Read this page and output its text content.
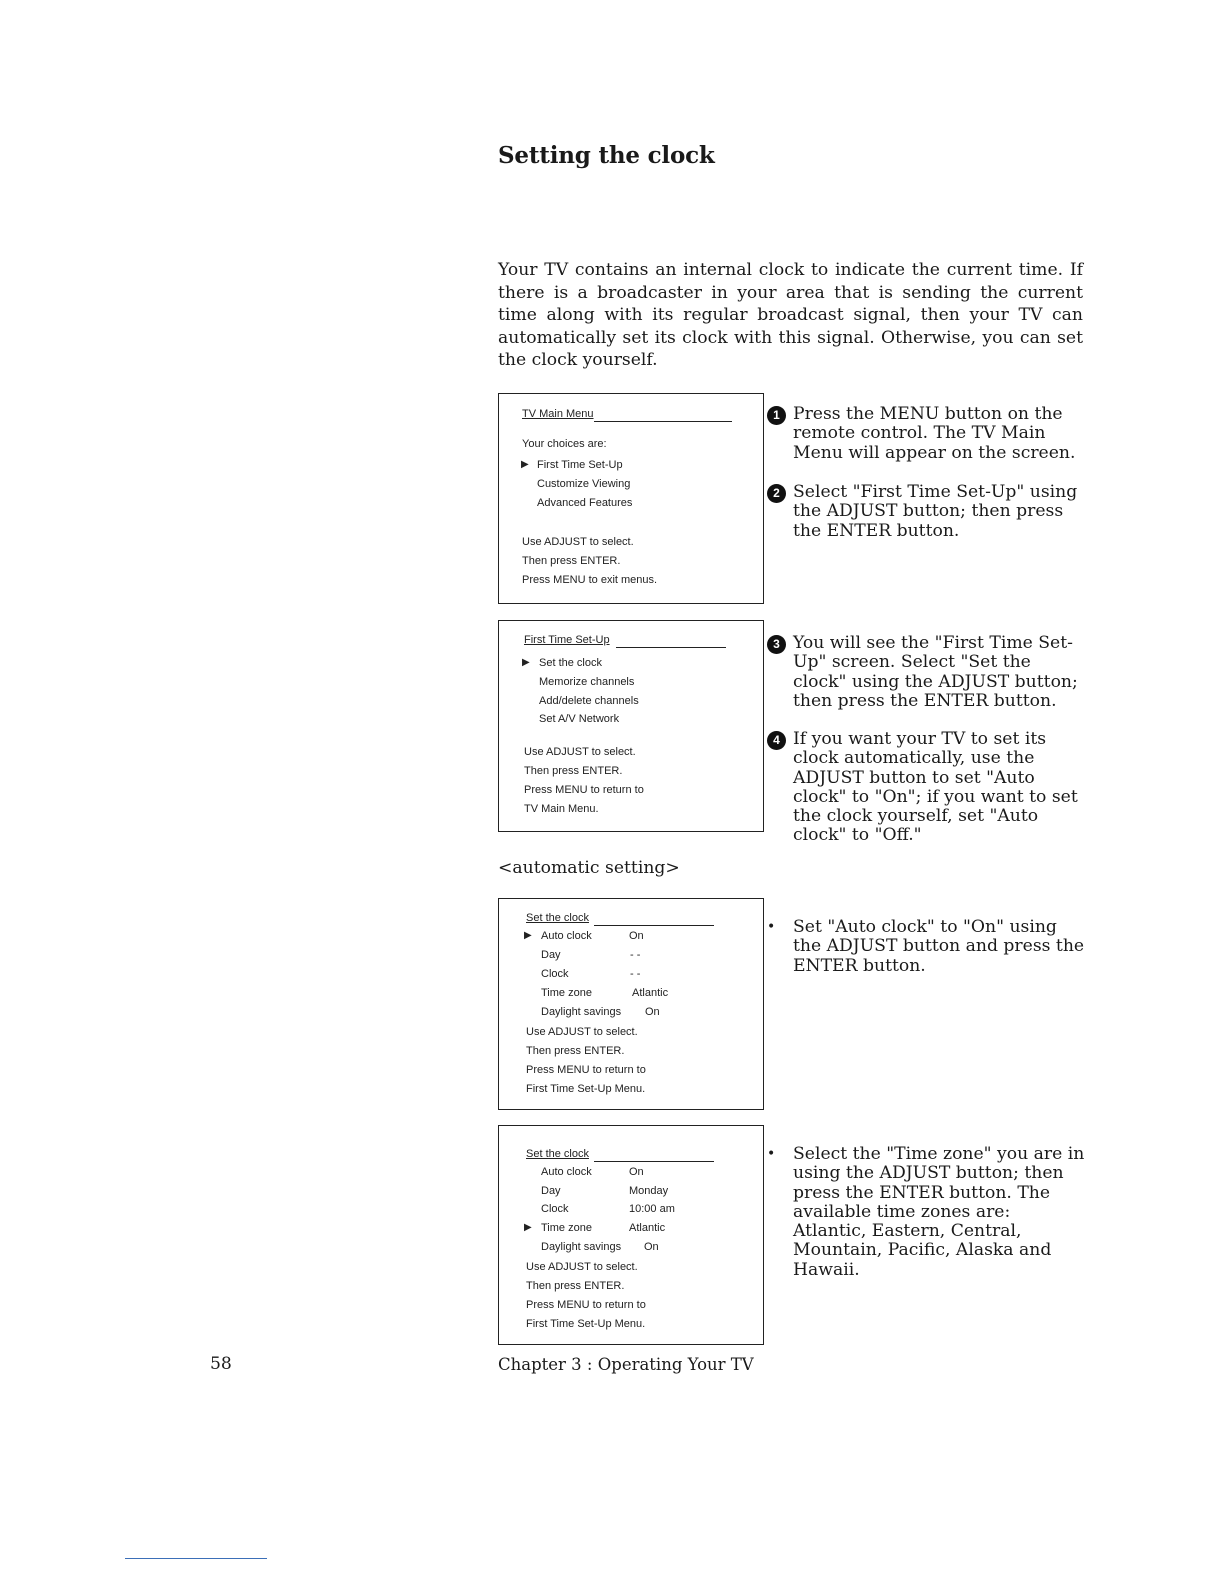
Setting the clock
Your TV contains an internal clock to indicate the current time. If there is a broadcaster in your area that is sending the current time along with its regular broadcast signal, then your TV can automatically set its clock with this signal. Otherwise, you can set the clock yourself.
TV Main Menu
Your choices are:
▶ First Time Set-Up
Customize Viewing
Advanced Features
Use ADJUST to select.
Then press ENTER.
Press MENU to exit menus.
First Time Set-Up
▶ Set the clock
Memorize channels
Add/delete channels
Set A/V Network
Use ADJUST to select.
Then press ENTER.
Press MENU to return to
TV Main Menu.
Set the clock
▶ Auto clock	On
Day	- -
Clock	- -
Time zone	Atlantic
Daylight savings On
Use ADJUST to select.
Then press ENTER.
Press MENU to return to
First Time Set-Up Menu.
Set the clock
Auto clock	On
Day	Monday
Clock	10:00 am
▶ Time zone	Atlantic
Daylight savings On
Use ADJUST to select.
Then press ENTER.
Press MENU to return to
First Time Set-Up Menu.
1 Press the MENU button on the remote control. The TV Main Menu will appear on the screen.
2 Select "First Time Set-Up" using the ADJUST button; then press the ENTER button.
3 You will see the "First Time Set-Up" screen. Select "Set the clock" using the ADJUST button; then press the ENTER button.
4 If you want your TV to set its clock automatically, use the ADJUST button to set "Auto clock" to "On"; if you want to set the clock yourself, set "Auto clock" to "Off."
<automatic setting>
• Set "Auto clock" to "On" using the ADJUST button and press the ENTER button.
• Select the "Time zone" you are in using the ADJUST button; then press the ENTER button. The available time zones are: Atlantic, Eastern, Central, Mountain, Pacific, Alaska and Hawaii.
58	Chapter 3 : Operating Your TV
